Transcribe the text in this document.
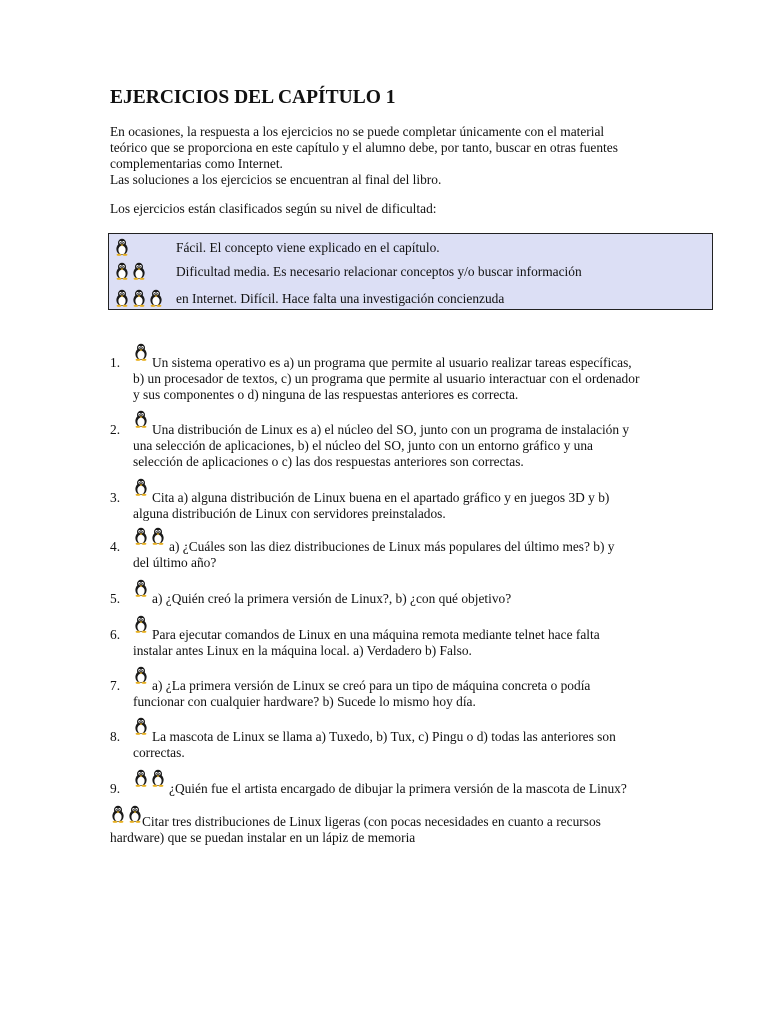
EJERCICIOS DEL CAPÍTULO 1

En ocasiones, la respuesta a los ejercicios no se puede completar únicamente con el material

teórico que se proporciona en este capítulo y el alumno debe, por tanto, buscar en otras fuentes

complementarias como Internet.

Las soluciones a los ejercicios se encuentran al final del libro.

Los ejercicios están clasificados según su nivel de dificultad:
Fácil. El concepto viene explicado en el capítulo.
Dificultad media. Es necesario relacionar conceptos y/o buscar información
en Internet. Difícil. Hace falta una investigación concienzuda
1. Un sistema operativo es a) un programa que permite al usuario realizar tareas específicas,
b) un procesador de textos, c) un programa que permite al usuario interactuar con el ordenador
y sus componentes o d) ninguna de las respuestas anteriores es correcta.
2. Una distribución de Linux es a) el núcleo del SO, junto con un programa de instalación y
una selección de aplicaciones, b) el núcleo del SO, junto con un entorno gráfico y una
selección de aplicaciones o c) las dos respuestas anteriores son correctas.
3. Cita a) alguna distribución de Linux buena en el apartado gráfico y en juegos 3D y b)
alguna distribución de Linux con servidores preinstalados.
4.	a) ¿Cuáles son las diez distribuciones de Linux más populares del último mes? b) y
del último año?
5. a) ¿Quién creó la primera versión de Linux?, b) ¿con qué objetivo?
6. Para ejecutar comandos de Linux en una máquina remota mediante telnet hace falta
instalar antes Linux en la máquina local. a) Verdadero b) Falso.
7. a) ¿La primera versión de Linux se creó para un tipo de máquina concreta o podía
funcionar con cualquier hardware? b) Sucede lo mismo hoy día.
8. La mascota de Linux se llama a) Tuxedo, b) Tux, c) Pingu o d) todas las anteriores son
correctas.
9.	¿Quién fue el artista encargado de dibujar la primera versión de la mascota de Linux?
Citar tres distribuciones de Linux ligeras (con pocas necesidades en cuanto a recursos
hardware) que se puedan instalar en un lápiz de memoria
